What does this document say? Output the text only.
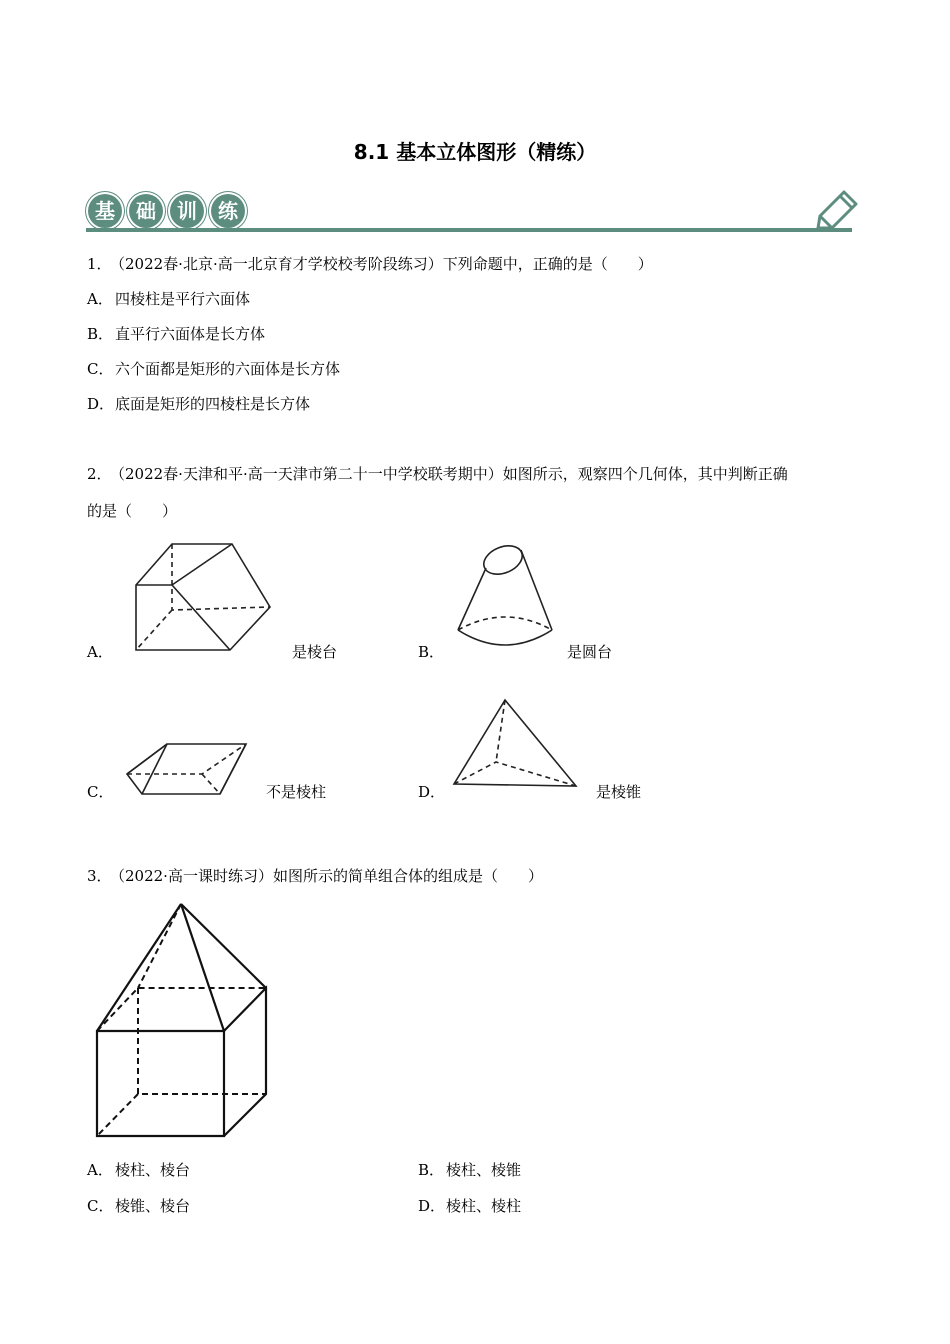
8.1 基本立体图形（精练）
基	础	训	练
1．
（2022春·北京·高一北京育才学校校考阶段练习）下列命题中，正确的是（　　）
A． 四棱柱是平行六面体
B． 直平行六面体是长方体
C． 六个面都是矩形的六面体是长方体
D． 底面是矩形的四棱柱是长方体
2．
（2022春·天津和平·高一天津市第二十一中学校联考期中）如图所示，观察四个几何体，其中判断正确
的是（　　）
A．	是棱台	B．	是圆台
C．	不是棱柱	D．	是棱锥
3．
（2022·高一课时练习）如图所示的简单组合体的组成是（　　）
A． 棱柱、棱台	B． 棱柱、棱锥
C． 棱锥、棱台	D． 棱柱、棱柱
